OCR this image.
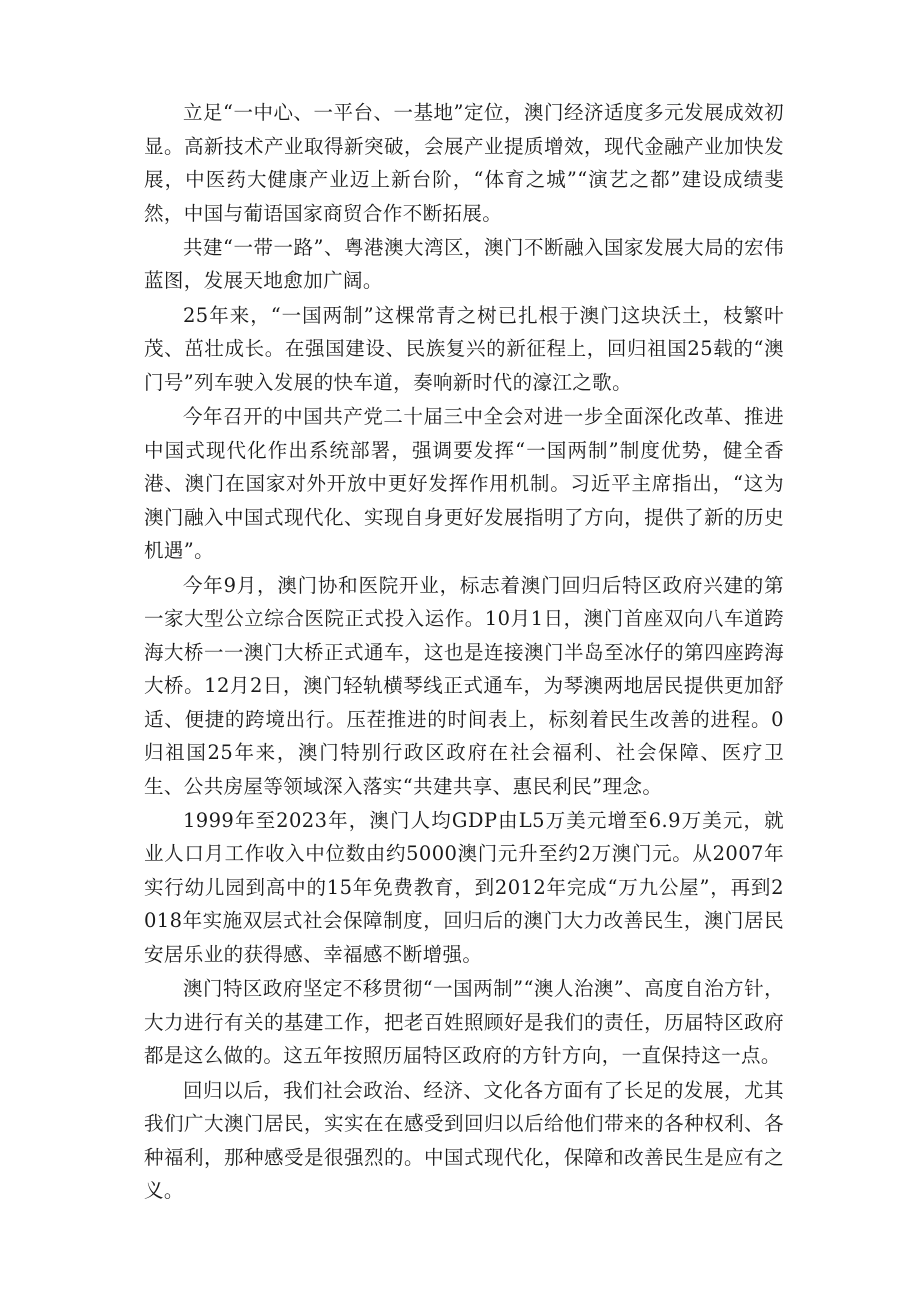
立足“一中心、一平台、一基地”定位，澳门经济适度多元发展成效初显。高新技术产业取得新突破，会展产业提质增效，现代金融产业加快发展，中医药大健康产业迈上新台阶，“体育之城”“演艺之都”建设成绩斐然，中国与葡语国家商贸合作不断拓展。

共建“一带一路”、粤港澳大湾区，澳门不断融入国家发展大局的宏伟蓝图，发展天地愈加广阔。

25年来，“一国两制”这棵常青之树已扎根于澳门这块沃土，枝繁叶茂、茁壮成长。在强国建设、民族复兴的新征程上，回归祖国25载的“澳门号”列车驶入发展的快车道，奏响新时代的濠江之歌。

今年召开的中国共产党二十届三中全会对进一步全面深化改革、推进中国式现代化作出系统部署，强调要发挥“一国两制”制度优势，健全香港、澳门在国家对外开放中更好发挥作用机制。习近平主席指出，“这为澳门融入中国式现代化、实现自身更好发展指明了方向，提供了新的历史机遇”。

今年9月，澳门协和医院开业，标志着澳门回归后特区政府兴建的第一家大型公立综合医院正式投入运作。10月1日，澳门首座双向八车道跨海大桥一一澳门大桥正式通车，这也是连接澳门半岛至冰仔的第四座跨海大桥。12月2日，澳门轻轨横琴线正式通车，为琴澳两地居民提供更加舒适、便捷的跨境出行。压茬推进的时间表上，标刻着民生改善的进程。0归祖国25年来，澳门特别行政区政府在社会福利、社会保障、医疗卫生、公共房屋等领域深入落实“共建共享、惠民利民”理念。

1999年至2023年，澳门人均GDP由L5万美元增至6.9万美元，就业人口月工作收入中位数由约5000澳门元升至约2万澳门元。从2007年实行幼儿园到高中的15年免费教育，到2012年完成“万九公屋”，再到2018年实施双层式社会保障制度，回归后的澳门大力改善民生，澳门居民安居乐业的获得感、幸福感不断增强。

澳门特区政府坚定不移贯彻“一国两制”“澳人治澳”、高度自治方针，大力进行有关的基建工作，把老百姓照顾好是我们的责任，历届特区政府都是这么做的。这五年按照历届特区政府的方针方向，一直保持这一点。

回归以后，我们社会政治、经济、文化各方面有了长足的发展，尤其我们广大澳门居民，实实在在感受到回归以后给他们带来的各种权利、各种福利，那种感受是很强烈的。中国式现代化，保障和改善民生是应有之义。
